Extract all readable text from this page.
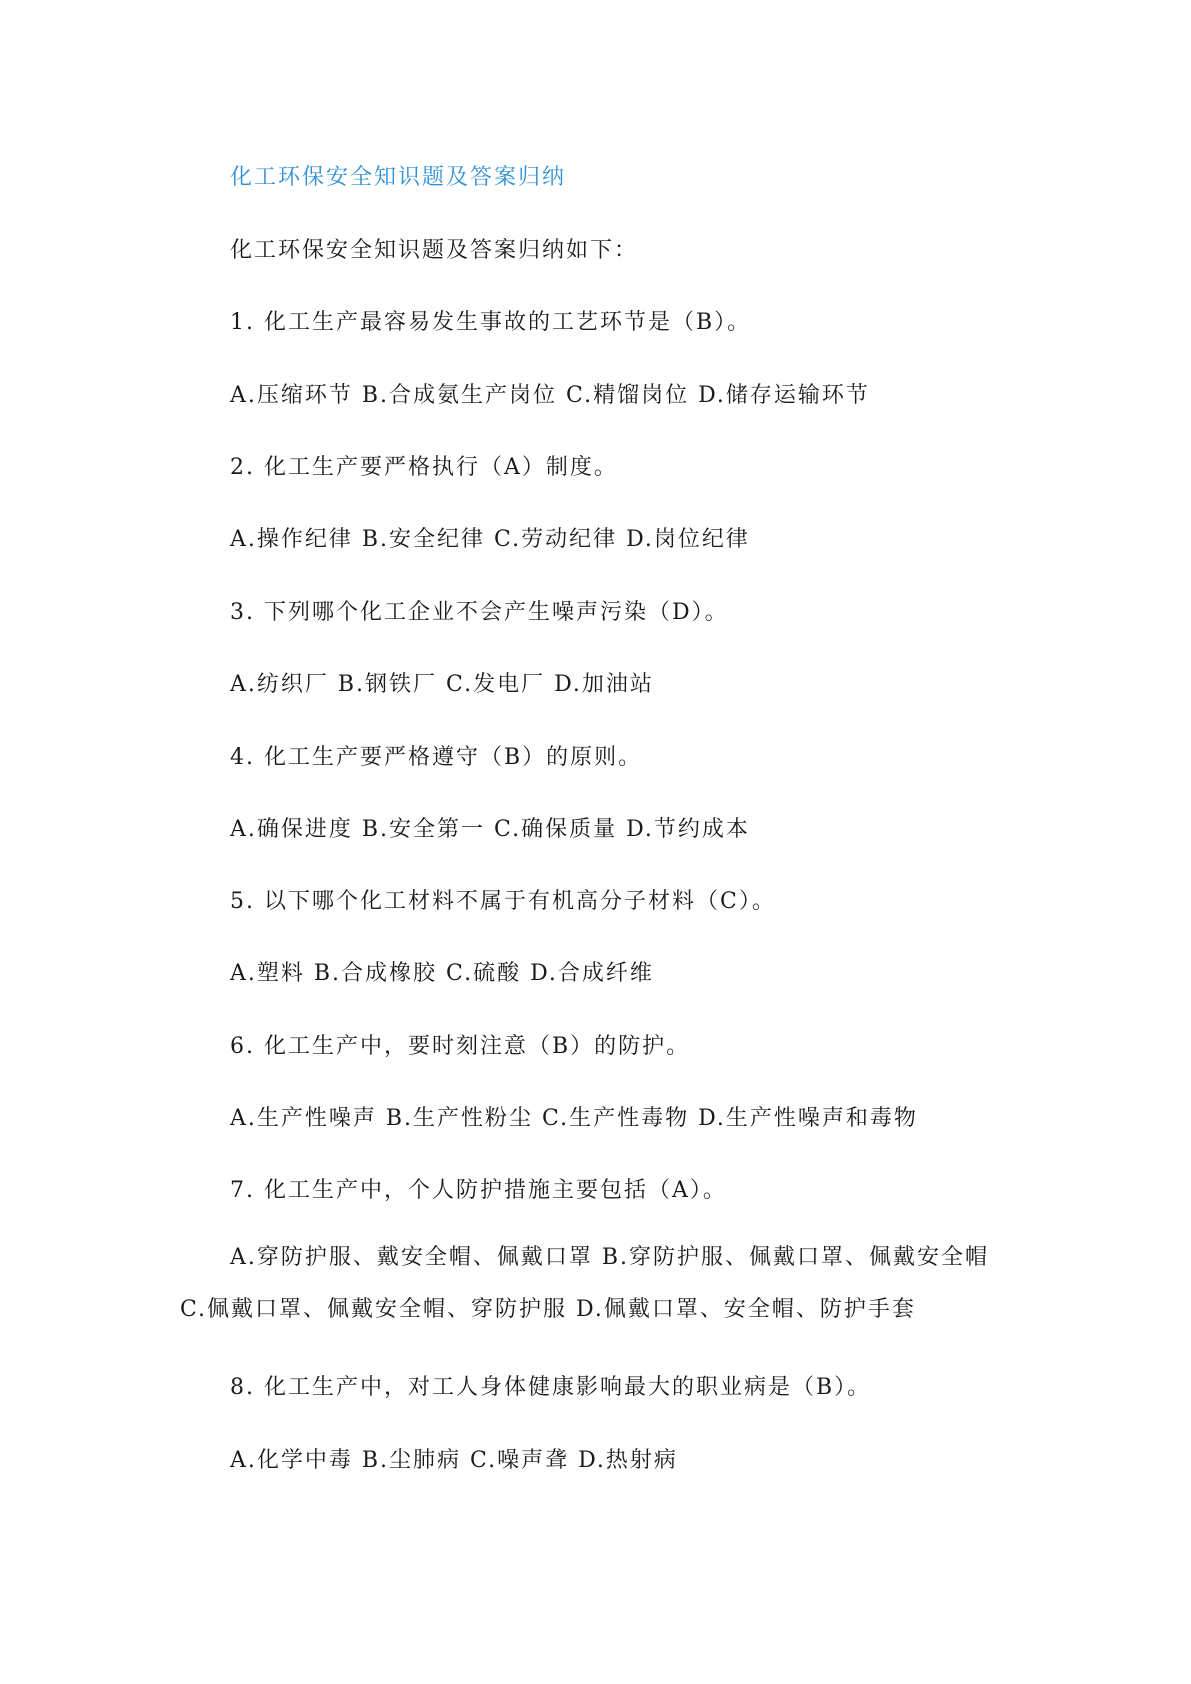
化工环保安全知识题及答案归纳
化工环保安全知识题及答案归纳如下：
1. 化工生产最容易发生事故的工艺环节是（B）。
A.压缩环节 B.合成氨生产岗位 C.精馏岗位 D.储存运输环节
2. 化工生产要严格执行（A）制度。
A.操作纪律 B.安全纪律 C.劳动纪律 D.岗位纪律
3. 下列哪个化工企业不会产生噪声污染（D）。
A.纺织厂 B.钢铁厂 C.发电厂 D.加油站
4. 化工生产要严格遵守（B）的原则。
A.确保进度 B.安全第一 C.确保质量 D.节约成本
5. 以下哪个化工材料不属于有机高分子材料（C）。
A.塑料 B.合成橡胶 C.硫酸 D.合成纤维
6. 化工生产中，要时刻注意（B）的防护。
A.生产性噪声 B.生产性粉尘 C.生产性毒物 D.生产性噪声和毒物
7. 化工生产中，个人防护措施主要包括（A）。
A.穿防护服、戴安全帽、佩戴口罩 B.穿防护服、佩戴口罩、佩戴安全帽 C.佩戴口罩、佩戴安全帽、穿防护服 D.佩戴口罩、安全帽、防护手套
8. 化工生产中，对工人身体健康影响最大的职业病是（B）。
A.化学中毒 B.尘肺病 C.噪声聋 D.热射病
